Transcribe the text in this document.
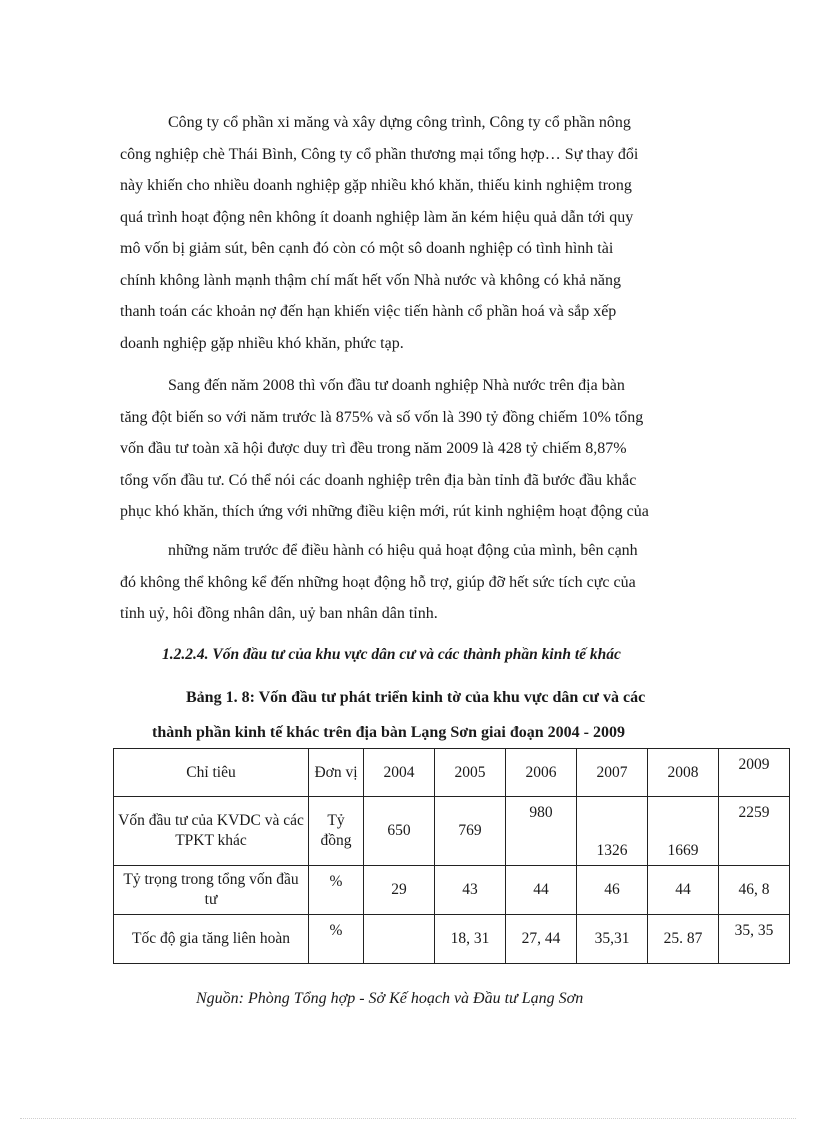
Công ty cổ phần xi măng và xây dựng công trình, Công ty cổ phần nông
công nghiệp chè Thái Bình, Công ty cổ phần thương mại tổng hợp… Sự thay đổi
này khiến cho nhiều doanh nghiệp gặp nhiều khó khăn, thiếu kinh nghiệm trong
quá trình hoạt động nên không ít doanh nghiệp làm ăn kém hiệu quả dẫn tới quy
mô vốn bị giảm sút, bên cạnh đó còn có một sô doanh nghiệp có tình hình tài
chính không lành mạnh thậm chí mất hết vốn Nhà nước và không có khả năng
thanh toán các khoản nợ đến hạn khiến việc tiến hành cổ phần hoá và sắp xếp
doanh nghiệp gặp nhiều khó khăn, phức tạp.
Sang đến năm 2008 thì vốn đầu tư doanh nghiệp Nhà nước trên địa bàn
tăng đột biến so với năm trước là 875% và số vốn là 390 tỷ đồng chiếm 10% tổng
vốn đầu tư toàn xã hội được duy trì đều trong năm 2009 là 428 tỷ chiếm 8,87%
tổng vốn đầu tư. Có thể nói các doanh nghiệp trên địa bàn tỉnh đã bước đầu khắc
phục khó khăn, thích ứng với những điều kiện mới, rút kinh nghiệm hoạt động của
những năm trước để điều hành có hiệu quả hoạt động của mình, bên cạnh
đó không thể không kể đến những hoạt động hỗ trợ, giúp đỡ hết sức tích cực của
tỉnh uỷ, hôi đồng nhân dân, uỷ ban nhân dân tỉnh.

1.2.2.4. Vốn đầu tư của khu vực dân cư và các thành phần kinh tế khác

Bảng 1. 8: Vốn đầu tư phát triển kinh tờ của khu vực dân cư và các
thành phần kinh tế khác trên địa bàn Lạng Sơn giai đoạn 2004 - 2009
Chỉ tiêu	Đơn vị	2004	2005	2006	2007	2008	2009
Vốn đầu tư của KVDC và các TPKT khác	Tỷ đồng	650	769	980	1326	1669	2259
Tỷ trọng trong tổng vốn đầu tư	%	29	43	44	46	44	46, 8
Tốc độ gia tăng liên hoàn	%		18, 31	27, 44	35,31	25. 87	35, 35

Nguồn: Phòng Tổng hợp - Sở Kế hoạch và Đầu tư Lạng Sơn
